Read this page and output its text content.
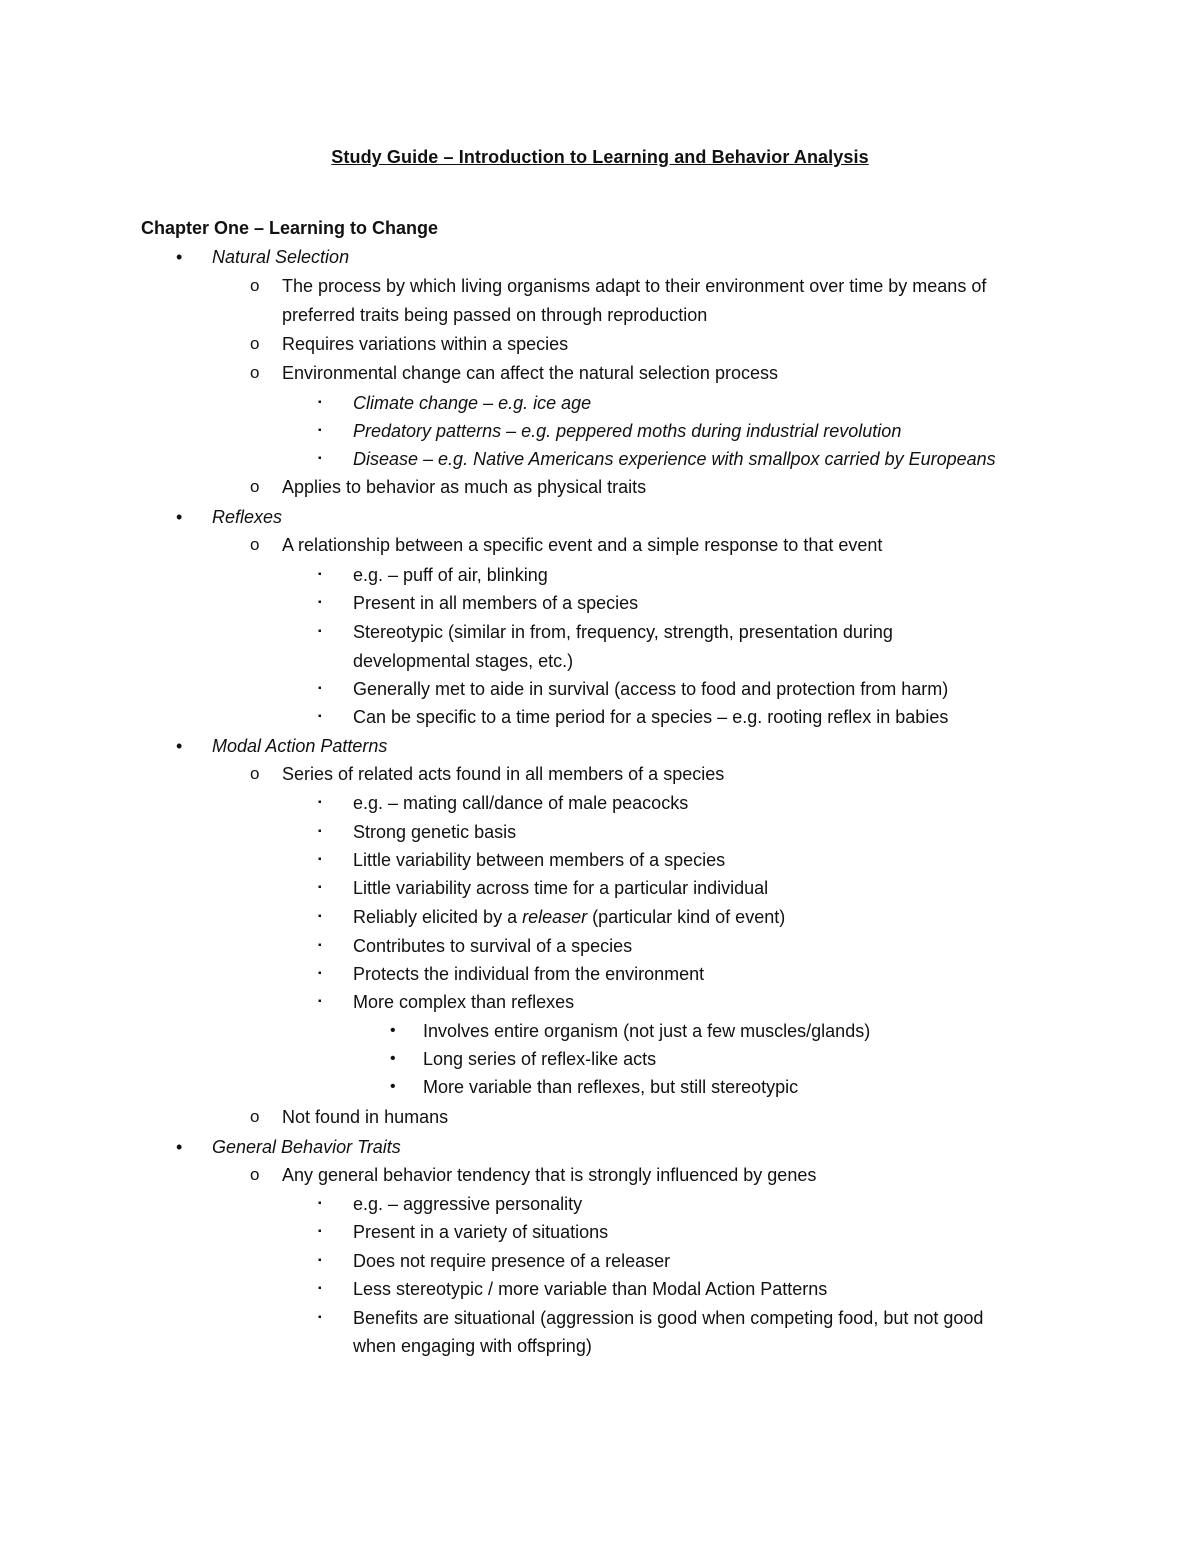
Study Guide – Introduction to Learning and Behavior Analysis
Chapter One – Learning to Change
• Natural Selection
o The process by which living organisms adapt to their environment over time by means of
preferred traits being passed on through reproduction
o Requires variations within a species
o Environmental change can affect the natural selection process
▪ Climate change – e.g. ice age
▪ Predatory patterns – e.g. peppered moths during industrial revolution
▪ Disease – e.g. Native Americans experience with smallpox carried by Europeans
o Applies to behavior as much as physical traits
• Reflexes
o A relationship between a specific event and a simple response to that event
▪ e.g. – puff of air, blinking
▪ Present in all members of a species
▪ Stereotypic (similar in from, frequency, strength, presentation during
developmental stages, etc.)
▪ Generally met to aide in survival (access to food and protection from harm)
▪ Can be specific to a time period for a species – e.g. rooting reflex in babies
• Modal Action Patterns
o Series of related acts found in all members of a species
▪ e.g. – mating call/dance of male peacocks
▪ Strong genetic basis
▪ Little variability between members of a species
▪ Little variability across time for a particular individual
▪ Reliably elicited by a releaser (particular kind of event)
▪ Contributes to survival of a species
▪ Protects the individual from the environment
▪ More complex than reflexes
• Involves entire organism (not just a few muscles/glands)
• Long series of reflex-like acts
• More variable than reflexes, but still stereotypic
o Not found in humans
• General Behavior Traits
o Any general behavior tendency that is strongly influenced by genes
▪ e.g. – aggressive personality
▪ Present in a variety of situations
▪ Does not require presence of a releaser
▪ Less stereotypic / more variable than Modal Action Patterns
▪ Benefits are situational (aggression is good when competing food, but not good
when engaging with offspring)
